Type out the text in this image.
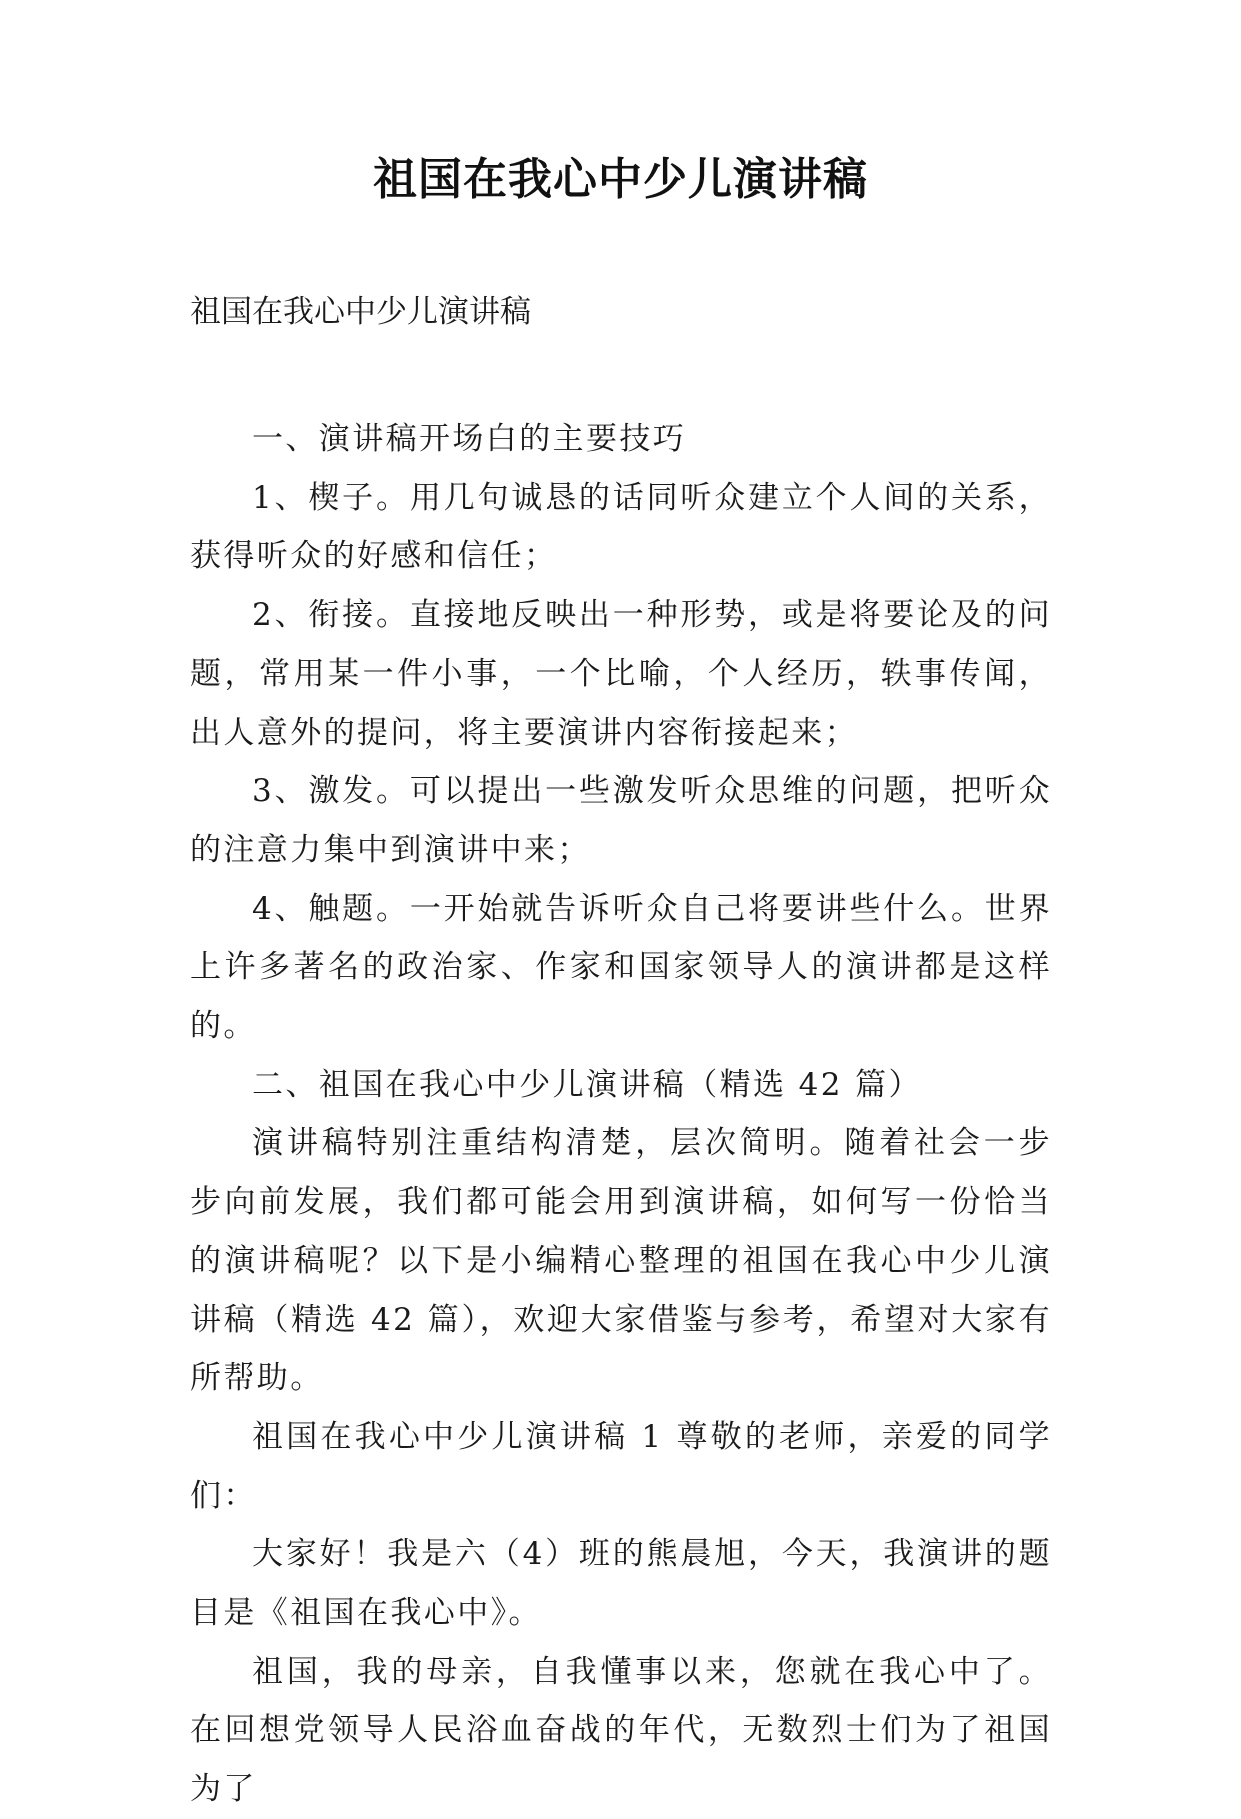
祖国在我心中少儿演讲稿
祖国在我心中少儿演讲稿

一、演讲稿开场白的主要技巧

1、楔子。用几句诚恳的话同听众建立个人间的关系，获得听众的好感和信任；

2、衔接。直接地反映出一种形势，或是将要论及的问题，常用某一件小事，一个比喻，个人经历，轶事传闻，出人意外的提问，将主要演讲内容衔接起来；

3、激发。可以提出一些激发听众思维的问题，把听众的注意力集中到演讲中来；

4、触题。一开始就告诉听众自己将要讲些什么。世界上许多著名的政治家、作家和国家领导人的演讲都是这样的。

二、祖国在我心中少儿演讲稿（精选 42 篇）

演讲稿特别注重结构清楚，层次简明。随着社会一步步向前发展，我们都可能会用到演讲稿，如何写一份恰当的演讲稿呢？以下是小编精心整理的祖国在我心中少儿演讲稿（精选 42 篇），欢迎大家借鉴与参考，希望对大家有所帮助。

祖国在我心中少儿演讲稿 1 尊敬的老师，亲爱的同学们：

大家好！我是六（4）班的熊晨旭，今天，我演讲的题目是《祖国在我心中》。

祖国，我的母亲，自我懂事以来，您就在我心中了。在回想党领导人民浴血奋战的年代，无数烈士们为了祖国为了
